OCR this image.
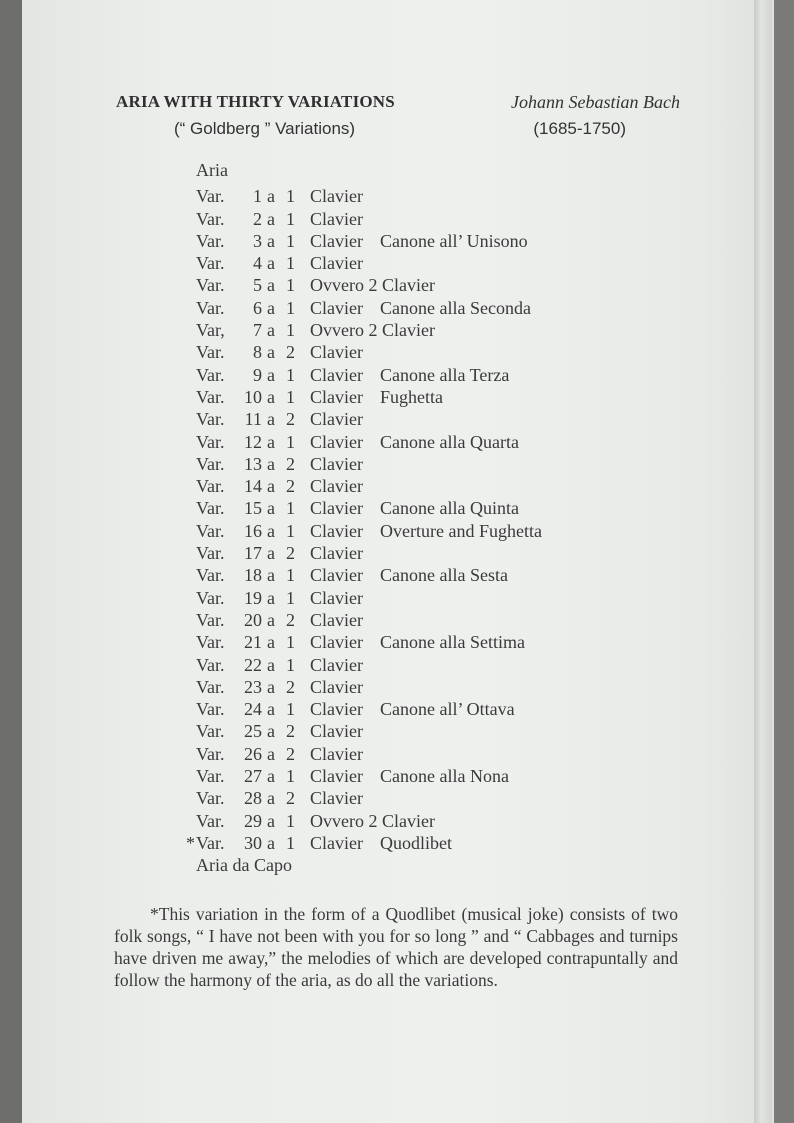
ARIA WITH THIRTY VARIATIONS	Johann Sebastian Bach
(“ Goldberg ” Variations)	(1685-1750)
Aria
Var.	1 a 1 Clavier
Var.	2 a 1 Clavier
Var.	3 a 1 Clavier Canone all’ Unisono
Var.	4 a 1 Clavier
Var.	5 a 1 Ovvero 2 Clavier
Var.	6 a 1 Clavier Canone alla Seconda
Var,	7 a 1 Ovvero 2 Clavier
Var.	8 a 2 Clavier
Var.	9 a 1 Clavier Canone alla Terza
Var.	10 a 1 Clavier Fughetta
Var.	11 a 2 Clavier
Var.	12 a 1 Clavier Canone alla Quarta
Var.	13 a 2 Clavier
Var.	14 a 2 Clavier
Var.	15 a 1 Clavier Canone alla Quinta
Var.	16 a 1 Clavier Overture and Fughetta
Var.	17 a 2 Clavier
Var.	18 a 1 Clavier Canone alla Sesta
Var.	19 a 1 Clavier
Var.	20 a 2 Clavier
Var.	21 a 1 Clavier Canone alla Settima
Var.	22 a 1 Clavier
Var.	23 a 2 Clavier
Var.	24 a 1 Clavier Canone all’ Ottava
Var.	25 a 2 Clavier
Var.	26 a 2 Clavier
Var.	27 a 1 Clavier Canone alla Nona
Var.	28 a 2 Clavier
Var.	29 a 1 Ovvero 2 Clavier
* Var.	30 a 1 Clavier Quodlibet
Aria da Capo
*This variation in the form of a Quodlibet (musical joke) consists of two folk songs, “ I have not been with you for so long ” and “ Cabbages and turnips have driven me away,” the melodies of which are developed contrapuntally and follow the harmony of the aria, as do all the variations.
